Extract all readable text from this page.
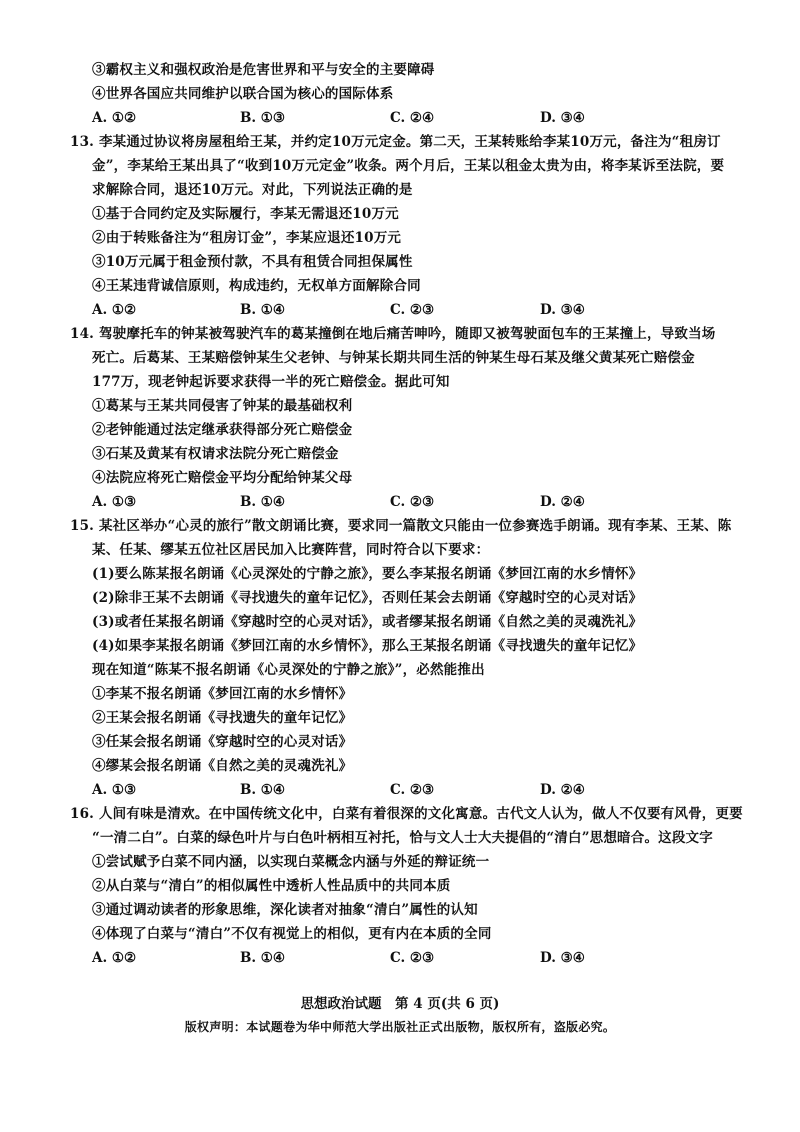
③霸权主义和强权政治是危害世界和平与安全的主要障碍
④世界各国应共同维护以联合国为核心的国际体系
A. ①②	B. ①③	C. ②④	D. ③④
13. 李某通过协议将房屋租给王某，并约定10万元定金。第二天，王某转账给李某10万元，备注为“租房订
金”，李某给王某出具了“收到10万元定金”收条。两个月后，王某以租金太贵为由，将李某诉至法院，要
求解除合同，退还10万元。对此，下列说法正确的是
①基于合同约定及实际履行，李某无需退还10万元
②由于转账备注为“租房订金”，李某应退还10万元
③10万元属于租金预付款，不具有租赁合同担保属性
④王某违背诚信原则，构成违约，无权单方面解除合同
A. ①②	B. ①④	C. ②③	D. ③④
14. 驾驶摩托车的钟某被驾驶汽车的葛某撞倒在地后痛苦呻吟，随即又被驾驶面包车的王某撞上，导致当场
死亡。后葛某、王某赔偿钟某生父老钟、与钟某长期共同生活的钟某生母石某及继父黄某死亡赔偿金
177万，现老钟起诉要求获得一半的死亡赔偿金。据此可知
①葛某与王某共同侵害了钟某的最基础权利
②老钟能通过法定继承获得部分死亡赔偿金
③石某及黄某有权请求法院分死亡赔偿金
④法院应将死亡赔偿金平均分配给钟某父母
A. ①③	B. ①④	C. ②③	D. ②④
15. 某社区举办“心灵的旅行”散文朗诵比赛，要求同一篇散文只能由一位参赛选手朗诵。现有李某、王某、陈
某、任某、缪某五位社区居民加入比赛阵营，同时符合以下要求：
(1)要么陈某报名朗诵《心灵深处的宁静之旅》，要么李某报名朗诵《梦回江南的水乡情怀》
(2)除非王某不去朗诵《寻找遗失的童年记忆》，否则任某会去朗诵《穿越时空的心灵对话》
(3)或者任某报名朗诵《穿越时空的心灵对话》，或者缪某报名朗诵《自然之美的灵魂洗礼》
(4)如果李某报名朗诵《梦回江南的水乡情怀》，那么王某报名朗诵《寻找遗失的童年记忆》
现在知道“陈某不报名朗诵《心灵深处的宁静之旅》”，必然能推出
①李某不报名朗诵《梦回江南的水乡情怀》
②王某会报名朗诵《寻找遗失的童年记忆》
③任某会报名朗诵《穿越时空的心灵对话》
④缪某会报名朗诵《自然之美的灵魂洗礼》
A. ①③	B. ①④	C. ②③	D. ②④
16. 人间有味是清欢。在中国传统文化中，白菜有着很深的文化寓意。古代文人认为，做人不仅要有风骨，更要
“一清二白”。白菜的绿色叶片与白色叶柄相互衬托，恰与文人士大夫提倡的“清白”思想暗合。这段文字
①尝试赋予白菜不同内涵，以实现白菜概念内涵与外延的辩证统一
②从白菜与“清白”的相似属性中透析人性品质中的共同本质
③通过调动读者的形象思维，深化读者对抽象“清白”属性的认知
④体现了白菜与“清白”不仅有视觉上的相似，更有内在本质的全同
A. ①②	B. ①④	C. ②③	D. ③④
思想政治试题　第 4 页(共 6 页)
版权声明：本试题卷为华中师范大学出版社正式出版物，版权所有，盗版必究。
